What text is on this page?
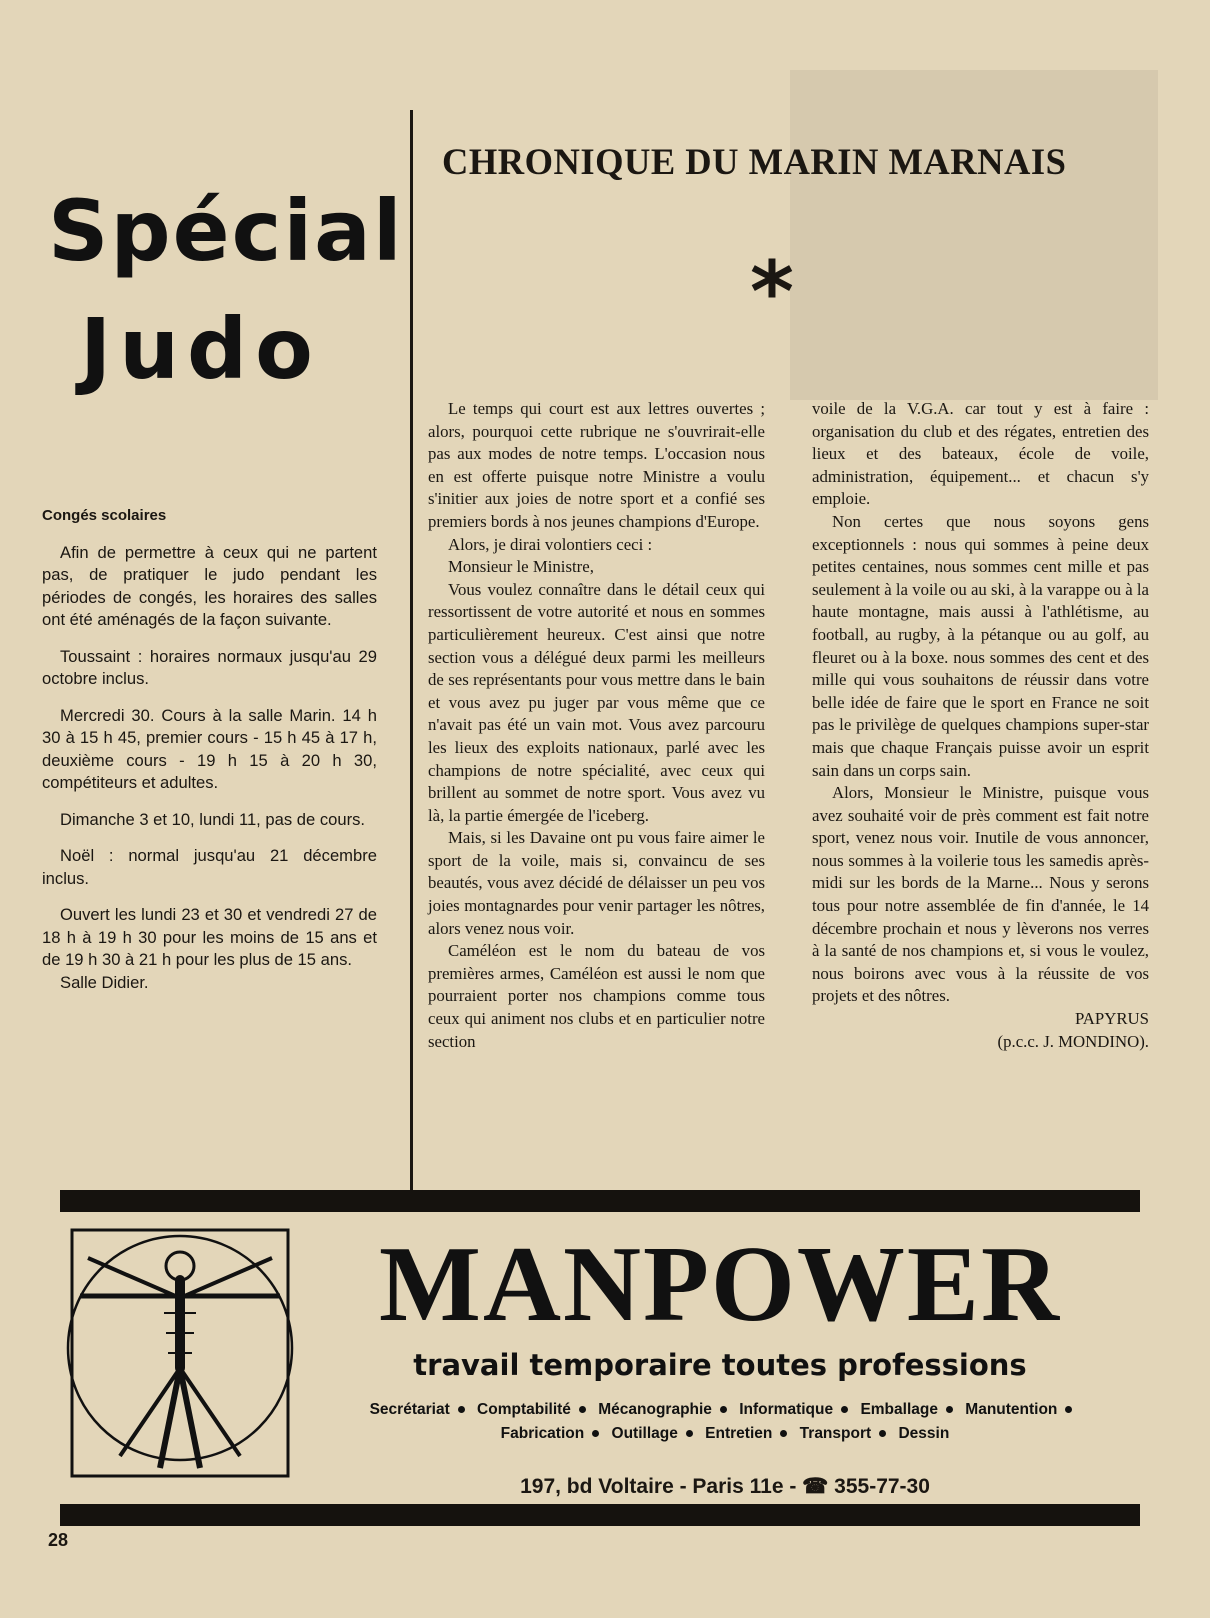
Spécial
Judo
Congés scolaires

Afin de permettre à ceux qui ne partent pas, de pratiquer le judo pendant les périodes de congés, les horaires des salles ont été aménagés de la façon suivante.

Toussaint : horaires normaux jusqu'au 29 octobre inclus.

Mercredi 30. Cours à la salle Marin. 14 h 30 à 15 h 45, premier cours - 15 h 45 à 17 h, deuxième cours - 19 h 15 à 20 h 30, compétiteurs et adultes.

Dimanche 3 et 10, lundi 11, pas de cours.

Noël : normal jusqu'au 21 décembre inclus.

Ouvert les lundi 23 et 30 et vendredi 27 de 18 h à 19 h 30 pour les moins de 15 ans et de 19 h 30 à 21 h pour les plus de 15 ans.

Salle Didier.

CHRONIQUE DU MARIN MARNAIS
*

Le temps qui court est aux lettres ouvertes ; alors, pourquoi cette rubrique ne s'ouvrirait-elle pas aux modes de notre temps. L'occasion nous en est offerte puisque notre Ministre a voulu s'initier aux joies de notre sport et a confié ses premiers bords à nos jeunes champions d'Europe.

Alors, je dirai volontiers ceci :

Monsieur le Ministre,

Vous voulez connaître dans le détail ceux qui ressortissent de votre autorité et nous en sommes particulièrement heureux. C'est ainsi que notre section vous a délégué deux parmi les meilleurs de ses représentants pour vous mettre dans le bain et vous avez pu juger par vous même que ce n'avait pas été un vain mot. Vous avez parcouru les lieux des exploits nationaux, parlé avec les champions de notre spécialité, avec ceux qui brillent au sommet de notre sport. Vous avez vu là, la partie émergée de l'iceberg.

Mais, si les Davaine ont pu vous faire aimer le sport de la voile, mais si, convaincu de ses beautés, vous avez décidé de délaisser un peu vos joies montagnardes pour venir partager les nôtres, alors venez nous voir.

Caméléon est le nom du bateau de vos premières armes, Caméléon est aussi le nom que pourraient porter nos champions comme tous ceux qui animent nos clubs et en particulier notre section

voile de la V.G.A. car tout y est à faire : organisation du club et des régates, entretien des lieux et des bateaux, école de voile, administration, équipement... et chacun s'y emploie.

Non certes que nous soyons gens exceptionnels : nous qui sommes à peine deux petites centaines, nous sommes cent mille et pas seulement à la voile ou au ski, à la varappe ou à la haute montagne, mais aussi à l'athlétisme, au football, au rugby, à la pétanque ou au golf, au fleuret ou à la boxe. nous sommes des cent et des mille qui vous souhaitons de réussir dans votre belle idée de faire que le sport en France ne soit pas le privilège de quelques champions super-star mais que chaque Français puisse avoir un esprit sain dans un corps sain.

Alors, Monsieur le Ministre, puisque vous avez souhaité voir de près comment est fait notre sport, venez nous voir. Inutile de vous annoncer, nous sommes à la voilerie tous les samedis après-midi sur les bords de la Marne... Nous y serons tous pour notre assemblée de fin d'année, le 14 décembre prochain et nous y lèverons nos verres à la santé de nos champions et, si vous le voulez, nous boirons avec vous à la réussite de vos projets et des nôtres.

PAPYRUS

(p.c.c. J. MONDINO).

MANPOWER
travail temporaire toutes professions
Secrétariat Comptabilité Mécanographie Informatique Emballage Manutention
Fabrication Outillage Entretien Transport Dessin
197, bd Voltaire - Paris 11e - ☎ 355-77-30
28
